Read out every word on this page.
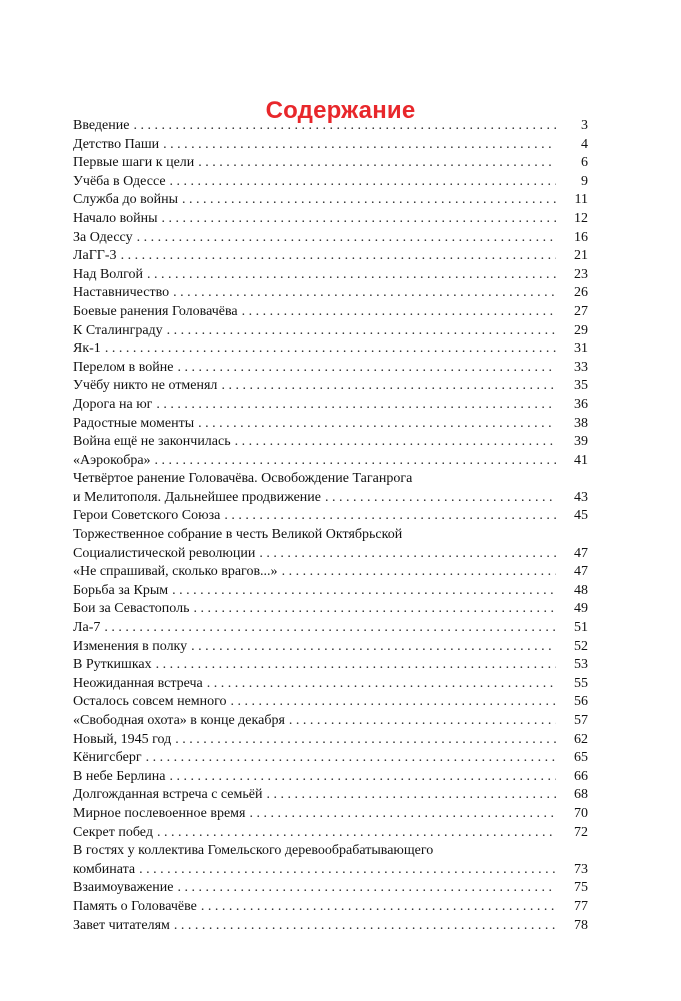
Содержание
Введение . . .	3
Детство Паши . . .	4
Первые шаги к цели . . .	6
Учёба в Одессе . . .	9
Служба до войны . . .	11
Начало войны . . .	12
За Одессу . . .	16
ЛаГГ-3 . . .	21
Над Волгой . . .	23
Наставничество . . .	26
Боевые ранения Головачёва . . .	27
К Сталинграду . . .	29
Як-1 . . .	31
Перелом в войне . . .	33
Учёбу никто не отменял . . .	35
Дорога на юг . . .	36
Радостные моменты . . .	38
Война ещё не закончилась . . .	39
«Аэрокобра» . . .	41
Четвёртое ранение Головачёва. Освобождение Таганрога
и Мелитополя. Дальнейшее продвижение . . .	43
Герои Советского Союза . . .	45
Торжественное собрание в честь Великой Октябрьской
Социалистической революции . . .	47
«Не спрашивай, сколько врагов...» . . .	47
Борьба за Крым . . .	48
Бои за Севастополь . . .	49
Ла-7 . . .	51
Изменения в полку . . .	52
В Руткишках . . .	53
Неожиданная встреча . . .	55
Осталось совсем немного . . .	56
«Свободная охота» в конце декабря . . .	57
Новый, 1945 год . . .	62
Кёнигсберг . . .	65
В небе Берлина . . .	66
Долгожданная встреча с семьёй . . .	68
Мирное послевоенное время . . .	70
Секрет побед . . .	72
В гостях у коллектива Гомельского деревообрабатывающего
комбината . . .	73
Взаимоуважение . . .	75
Память о Головачёве . . .	77
Завет читателям . . .	78
